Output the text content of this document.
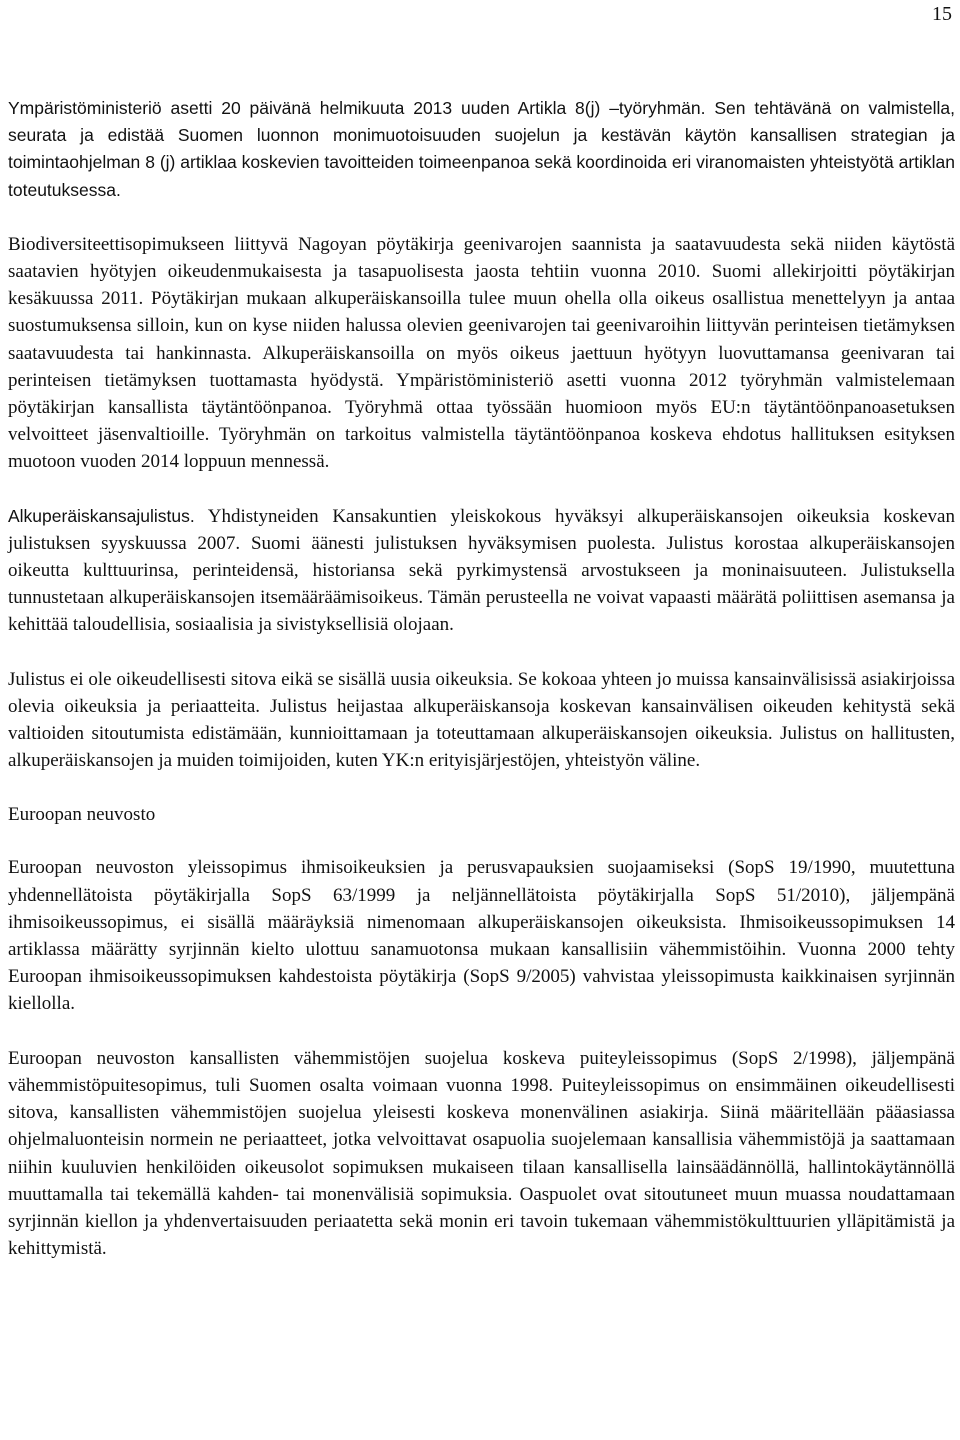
15

Ympäristöministeriö asetti 20 päivänä helmikuuta 2013 uuden Artikla 8(j) –työryhmän. Sen tehtävänä on valmistella, seurata ja edistää Suomen luonnon monimuotoisuuden suojelun ja kestävän käytön kansallisen strategian ja toimintaohjelman 8 (j) artiklaa koskevien tavoitteiden toimeenpanoa sekä koordinoida eri viranomaisten yhteistyötä artiklan toteutuksessa.

Biodiversiteettisopimukseen liittyvä Nagoyan pöytäkirja geenivarojen saannista ja saatavuudesta sekä niiden käytöstä saatavien hyötyjen oikeudenmukaisesta ja tasapuolisesta jaosta tehtiin vuonna 2010. Suomi allekirjoitti pöytäkirjan kesäkuussa 2011. Pöytäkirjan mukaan alkuperäiskansoilla tulee muun ohella olla oikeus osallistua menettelyyn ja antaa suostumuksensa silloin, kun on kyse niiden halussa olevien geenivarojen tai geenivaroihin liittyvän perinteisen tietämyksen saatavuudesta tai hankinnasta. Alkuperäiskansoilla on myös oikeus jaettuun hyötyyn luovuttamansa geenivaran tai perinteisen tietämyksen tuottamasta hyödystä. Ympäristöministeriö asetti vuonna 2012 työryhmän valmistelemaan pöytäkirjan kansallista täytäntöönpanoa. Työryhmä ottaa työssään huomioon myös EU:n täytäntöönpanoasetuksen velvoitteet jäsenvaltioille. Työryhmän on tarkoitus valmistella täytäntöönpanoa koskeva ehdotus hallituksen esityksen muotoon vuoden 2014 loppuun mennessä.

Alkuperäiskansajulistus. Yhdistyneiden Kansakuntien yleiskokous hyväksyi alkuperäiskansojen oikeuksia koskevan julistuksen syyskuussa 2007. Suomi äänesti julistuksen hyväksymisen puolesta. Julistus korostaa alkuperäiskansojen oikeutta kulttuurinsa, perinteidensä, historiansa sekä pyrkimystensä arvostukseen ja moninaisuuteen. Julistuksella tunnustetaan alkuperäiskansojen itsemääräämisoikeus. Tämän perusteella ne voivat vapaasti määrätä poliittisen asemansa ja kehittää taloudellisia, sosiaalisia ja sivistyksellisiä olojaan.

Julistus ei ole oikeudellisesti sitova eikä se sisällä uusia oikeuksia. Se kokoaa yhteen jo muissa kansainvälisissä asiakirjoissa olevia oikeuksia ja periaatteita. Julistus heijastaa alkuperäiskansoja koskevan kansainvälisen oikeuden kehitystä sekä valtioiden sitoutumista edistämään, kunnioittamaan ja toteuttamaan alkuperäiskansojen oikeuksia. Julistus on hallitusten, alkuperäiskansojen ja muiden toimijoiden, kuten YK:n erityisjärjestöjen, yhteistyön väline.

Euroopan neuvosto

Euroopan neuvoston yleissopimus ihmisoikeuksien ja perusvapauksien suojaamiseksi (SopS 19/1990, muutettuna yhdennellätoista pöytäkirjalla SopS 63/1999 ja neljännellätoista pöytäkirjalla SopS 51/2010), jäljempänä ihmisoikeussopimus, ei sisällä määräyksiä nimenomaan alkuperäiskansojen oikeuksista. Ihmisoikeussopimuksen 14 artiklassa määrätty syrjinnän kielto ulottuu sanamuotonsa mukaan kansallisiin vähemmistöihin. Vuonna 2000 tehty Euroopan ihmisoikeussopimuksen kahdestoista pöytäkirja (SopS 9/2005) vahvistaa yleissopimusta kaikkinaisen syrjinnän kiellolla.

Euroopan neuvoston kansallisten vähemmistöjen suojelua koskeva puiteyleissopimus (SopS 2/1998), jäljempänä vähemmistöpuitesopimus, tuli Suomen osalta voimaan vuonna 1998. Puiteyleissopimus on ensimmäinen oikeudellisesti sitova, kansallisten vähemmistöjen suojelua yleisesti koskeva monenvälinen asiakirja. Siinä määritellään pääasiassa ohjelmaluonteisin normein ne periaatteet, jotka velvoittavat osapuolia suojelemaan kansallisia vähemmistöjä ja saattamaan niihin kuuluvien henkilöiden oikeusolot sopimuksen mukaiseen tilaan kansallisella lainsäädännöllä, hallintokäytännöllä muuttamalla tai tekemällä kahden- tai monenvälisiä sopimuksia. Oaspuolet ovat sitoutuneet muun muassa noudattamaan syrjinnän kiellon ja yhdenvertaisuuden periaatetta sekä monin eri tavoin tukemaan vähemmistökulttuurien ylläpitämistä ja kehittymistä.
